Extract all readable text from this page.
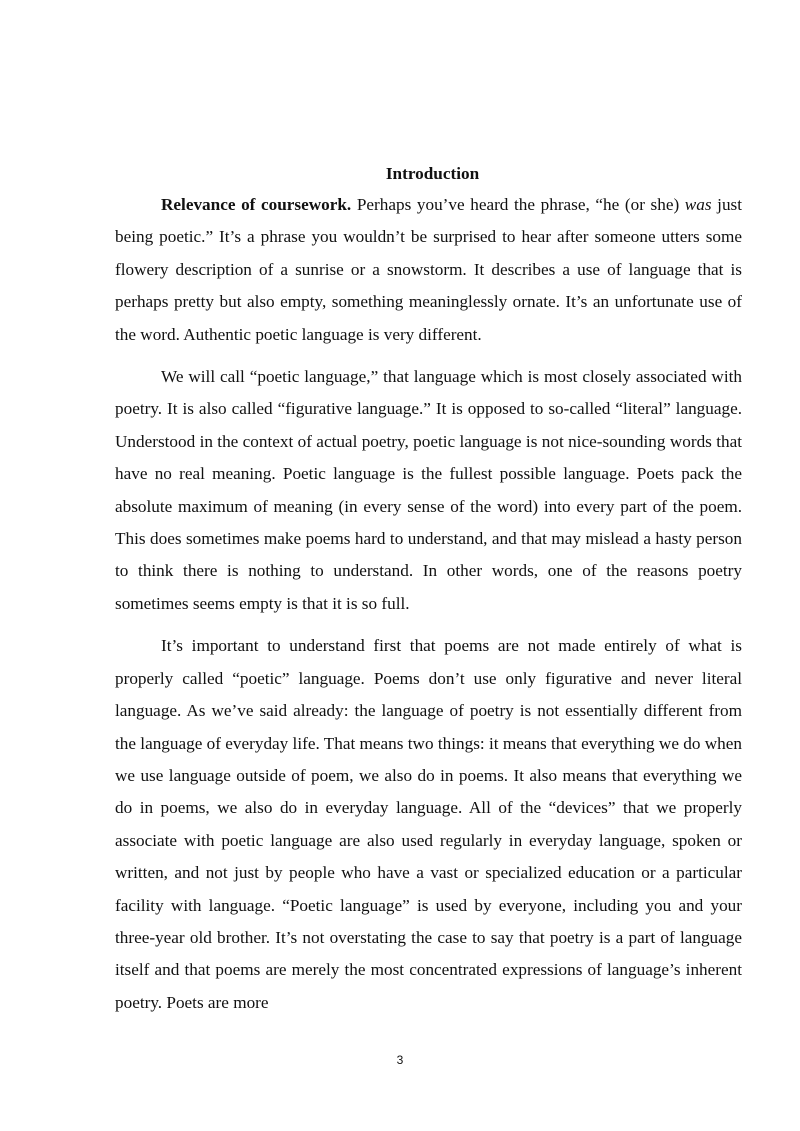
Introduction

Relevance of coursework. Perhaps you’ve heard the phrase, “he (or she) was just being poetic.” It’s a phrase you wouldn’t be surprised to hear after someone utters some flowery description of a sunrise or a snowstorm. It describes a use of language that is perhaps pretty but also empty, something meaninglessly ornate. It’s an unfortunate use of the word. Authentic poetic language is very different.

We will call “poetic language,” that language which is most closely associated with poetry. It is also called “figurative language.” It is opposed to so-called “literal” language. Understood in the context of actual poetry, poetic language is not nice-sounding words that have no real meaning. Poetic language is the fullest possible language. Poets pack the absolute maximum of meaning (in every sense of the word) into every part of the poem. This does sometimes make poems hard to understand, and that may mislead a hasty person to think there is nothing to understand. In other words, one of the reasons poetry sometimes seems empty is that it is so full.

It’s important to understand first that poems are not made entirely of what is properly called “poetic” language. Poems don’t use only figurative and never literal language. As we’ve said already: the language of poetry is not essentially different from the language of everyday life. That means two things: it means that everything we do when we use language outside of poem, we also do in poems. It also means that everything we do in poems, we also do in everyday language. All of the “devices” that we properly associate with poetic language are also used regularly in everyday language, spoken or written, and not just by people who have a vast or specialized education or a particular facility with language. “Poetic language” is used by everyone, including you and your three-year old brother. It’s not overstating the case to say that poetry is a part of language itself and that poems are merely the most concentrated expressions of language’s inherent poetry. Poets are more

3
